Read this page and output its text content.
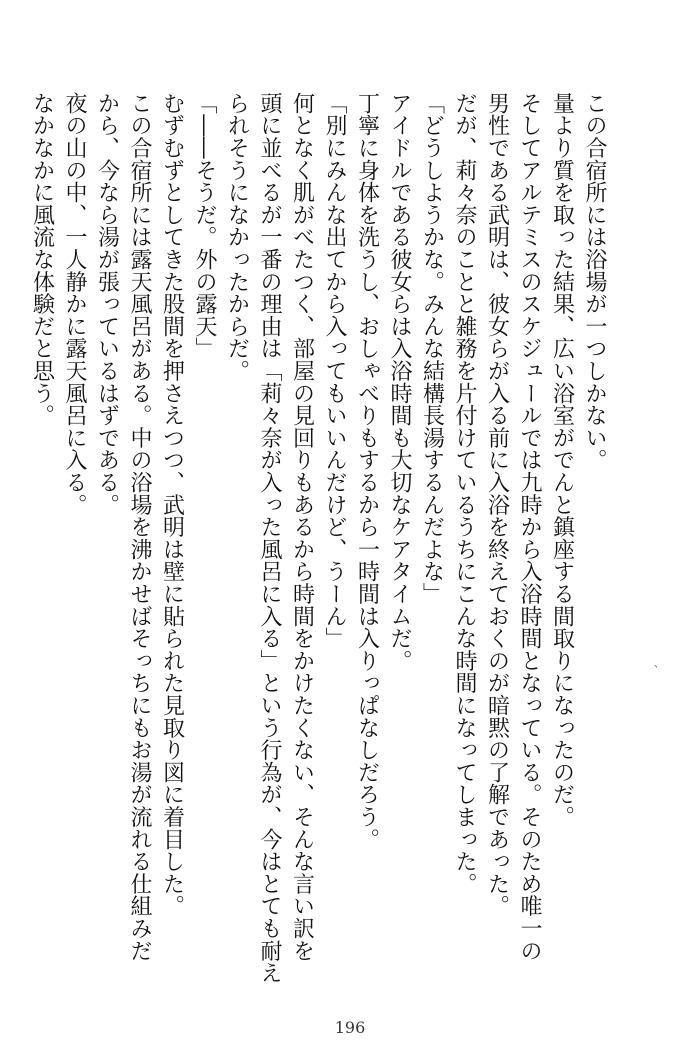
この合宿所には浴場が一つしかない。
量より質を取った結果、広い浴室がでんと鎮座する間取りになったのだ。
そしてアルテミスのスケジュールでは九時から入浴時間となっている。そのため唯一の
男性である武明は、彼女らが入る前に入浴を終えておくのが暗黙の了解であった。
だが、莉々奈のことと雑務を片付けているうちにこんな時間になってしまった。
「どうしようかな。みんな結構長湯するんだよな」
アイドルである彼女らは入浴時間も大切なケアタイムだ。
丁寧に身体を洗うし、おしゃべりもするから一時間は入りっぱなしだろう。
「別にみんな出てから入ってもいいんだけど、うーん」
何となく肌がべたつく、部屋の見回りもあるから時間をかけたくない、そんな言い訳を
頭に並べるが一番の理由は「莉々奈が入った風呂に入る」という行為が、今はとても耐え
られそうになかったからだ。
「――そうだ。外の露天」
むずむずとしてきた股間を押さえつつ、武明は壁に貼られた見取り図に着目した。
この合宿所には露天風呂がある。中の浴場を沸かせばそっちにもお湯が流れる仕組みだ
から、今なら湯が張っているはずである。
夜の山の中、一人静かに露天風呂に入る。
なかなかに風流な体験だと思う。
、
196
